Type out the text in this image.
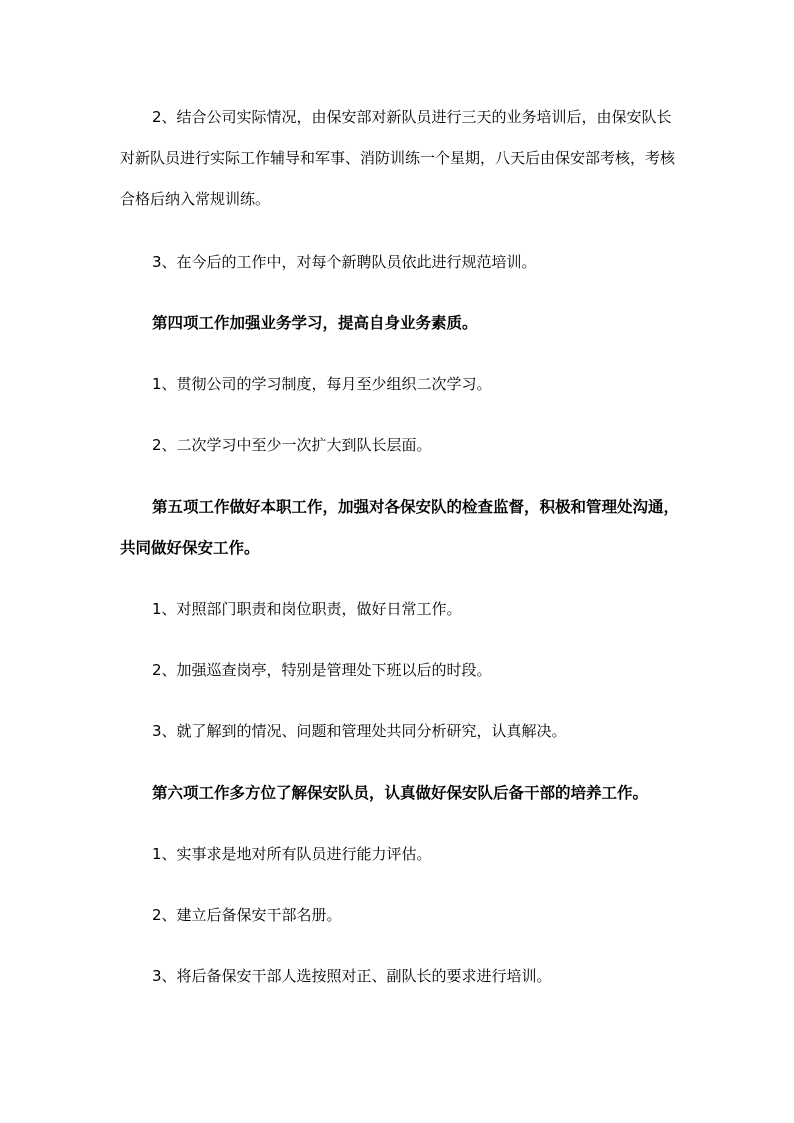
2、结合公司实际情况，由保安部对新队员进行三天的业务培训后，由保安队长对新队员进行实际工作辅导和军事、消防训练一个星期，八天后由保安部考核，考核合格后纳入常规训练。

3、在今后的工作中，对每个新聘队员依此进行规范培训。

第四项工作加强业务学习，提高自身业务素质。

1、贯彻公司的学习制度，每月至少组织二次学习。

2、二次学习中至少一次扩大到队长层面。

第五项工作做好本职工作，加强对各保安队的检查监督，积极和管理处沟通，共同做好保安工作。

1、对照部门职责和岗位职责，做好日常工作。

2、加强巡查岗亭，特别是管理处下班以后的时段。

3、就了解到的情况、问题和管理处共同分析研究，认真解决。

第六项工作多方位了解保安队员，认真做好保安队后备干部的培养工作。

1、实事求是地对所有队员进行能力评估。

2、建立后备保安干部名册。

3、将后备保安干部人选按照对正、副队长的要求进行培训。
